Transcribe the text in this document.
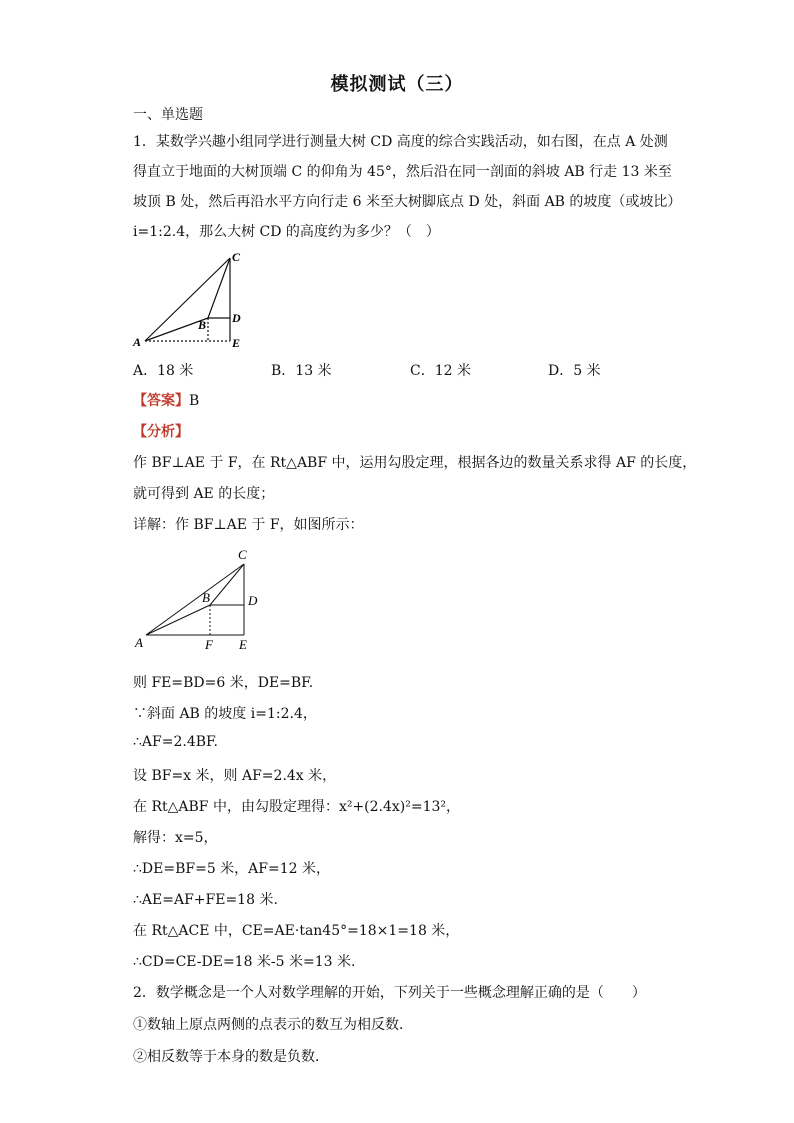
模拟测试（三）
一、单选题
1．某数学兴趣小组同学进行测量大树 CD 高度的综合实践活动，如右图，在点 A 处测
得直立于地面的大树顶端 C 的仰角为 45°，然后沿在同一剖面的斜坡 AB 行走 13 米至
坡顶 B 处，然后再沿水平方向行走 6 米至大树脚底点 D 处，斜面 AB 的坡度（或坡比）
i=1:2.4，那么大树 CD 的高度约为多少？（　）
C
B D
A	E
A．18 米	B．13 米	C．12 米	D．5 米
【答案】B
【分析】
作 BF⊥AE 于 F，在 Rt△ABF 中，运用勾股定理，根据各边的数量关系求得 AF 的长度，
就可得到 AE 的长度；
详解：作 BF⊥AE 于 F，如图所示：
C
B	D
A	F E
则 FE=BD=6 米，DE=BF.
∵斜面 AB 的坡度 i=1:2.4，
∴AF=2.4BF.
设 BF=x 米，则 AF=2.4x 米，
在 Rt△ABF 中，由勾股定理得：x²+(2.4x)²=13²，
解得：x=5，
∴DE=BF=5 米，AF=12 米，
∴AE=AF+FE=18 米.
在 Rt△ACE 中，CE=AE·tan45°=18×1=18 米，
∴CD=CE-DE=18 米-5 米=13 米.
2．数学概念是一个人对数学理解的开始，下列关于一些概念理解正确的是（　　）
①数轴上原点两侧的点表示的数互为相反数．
②相反数等于本身的数是负数．
